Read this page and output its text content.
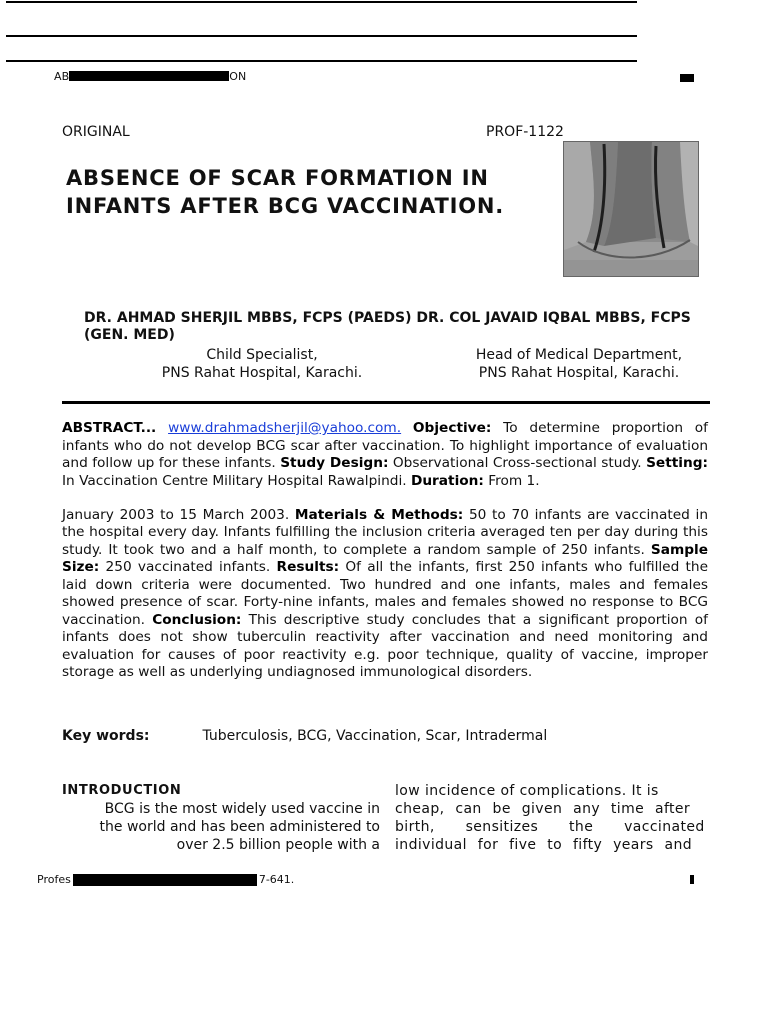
AB	ON
ORIGINAL	PROF-1122
ABSENCE OF SCAR FORMATION IN INFANTS AFTER BCG VACCINATION.
DR. AHMAD SHERJIL MBBS, FCPS (PAEDS) DR. COL JAVAID IQBAL MBBS, FCPS (GEN. MED)
Child Specialist,
PNS Rahat Hospital, Karachi.
Head of Medical Department,
PNS Rahat Hospital, Karachi.
ABSTRACT... www.drahmadsherjil@yahoo.com. Objective: To determine proportion of infants who do not develop BCG scar after vaccination. To highlight importance of evaluation and follow up for these infants. Study Design: Observational Cross-sectional study. Setting: In Vaccination Centre Military Hospital Rawalpindi. Duration: From 1.
January 2003 to 15 March 2003. Materials & Methods: 50 to 70 infants are vaccinated in the hospital every day. Infants fulfilling the inclusion criteria averaged ten per day during this study. It took two and a half month, to complete a random sample of 250 infants. Sample Size: 250 vaccinated infants. Results: Of all the infants, first 250 infants who fulfilled the laid down criteria were documented. Two hundred and one infants, males and females showed presence of scar. Forty-nine infants, males and females showed no response to BCG vaccination. Conclusion: This descriptive study concludes that a significant proportion of infants does not show tuberculin reactivity after vaccination and need monitoring and evaluation for causes of poor reactivity e.g. poor technique, quality of vaccine, improper storage as well as underlying undiagnosed immunological disorders.
Key words:	Tuberculosis, BCG, Vaccination, Scar, Intradermal
INTRODUCTION
BCG is the most widely used vaccine in
the world and has been administered to
over 2.5 billion people with a
low incidence of complications. It is
cheap, can be given any time after
birth, sensitizes the vaccinated
individual for five to fifty years and
Profes	7-641.
